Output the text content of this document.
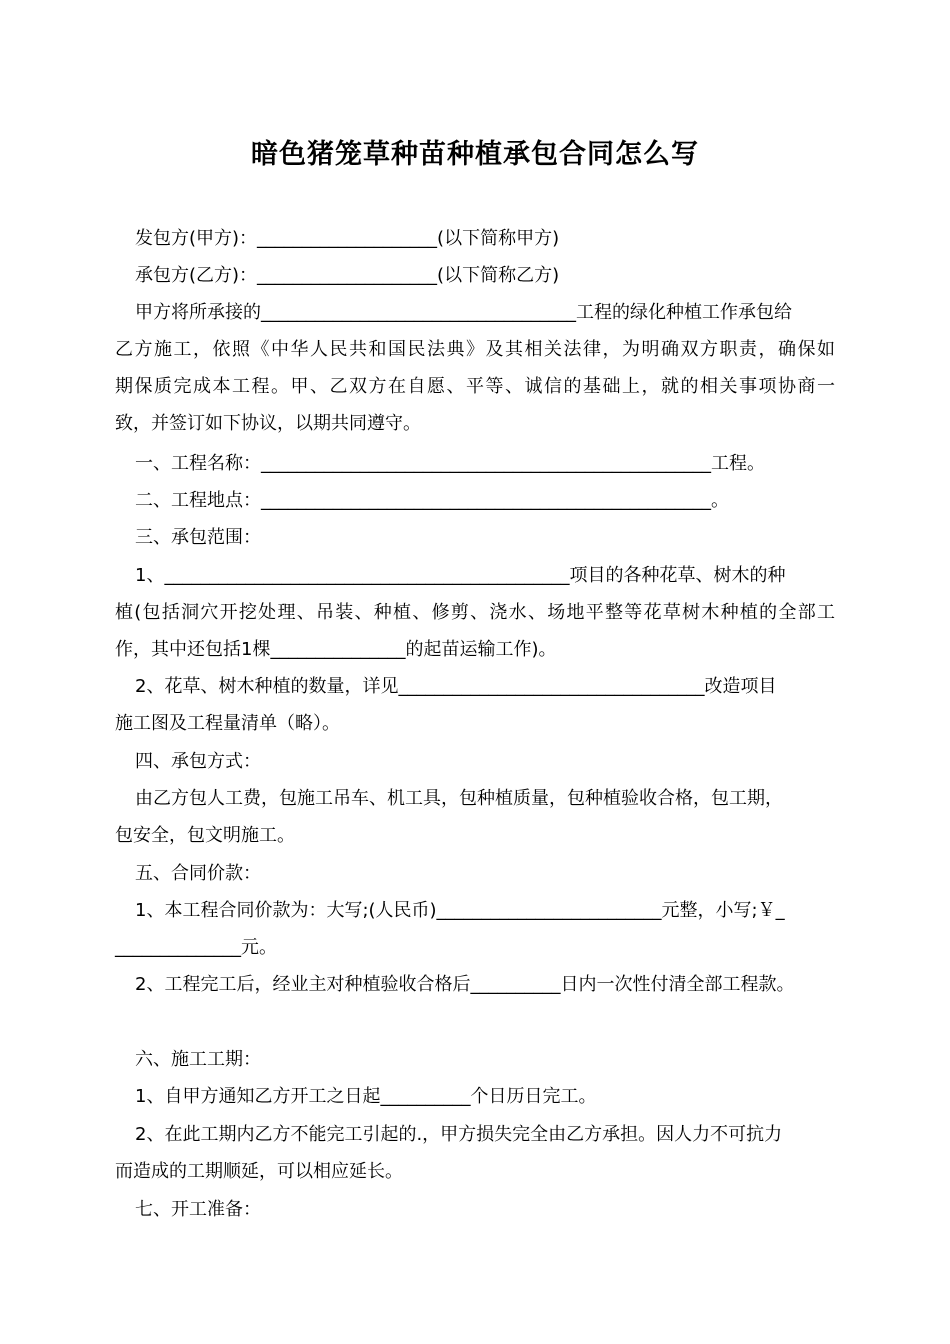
暗色猪笼草种苗种植承包合同怎么写
发包方(甲方)：____________________(以下简称甲方)
承包方(乙方)：____________________(以下简称乙方)
甲方将所承接的___________________________________工程的绿化种植工作承包给
乙方施工，依照《中华人民共和国民法典》及其相关法律，为明确双方职责，确保如
期保质完成本工程。甲、乙双方在自愿、平等、诚信的基础上，就的相关事项协商一
致，并签订如下协议，以期共同遵守。
一、工程名称：__________________________________________________工程。
二、工程地点：__________________________________________________。
三、承包范围：
1、_____________________________________________项目的各种花草、树木的种
植(包括洞穴开挖处理、吊装、种植、修剪、浇水、场地平整等花草树木种植的全部工
作，其中还包括1棵_______________的起苗运输工作)。
2、花草、树木种植的数量，详见__________________________________改造项目
施工图及工程量清单（略）。
四、承包方式：
由乙方包人工费，包施工吊车、机工具，包种植质量，包种植验收合格，包工期，
包安全，包文明施工。
五、合同价款：
1、本工程合同价款为：大写;(人民币)_________________________元整，小写;￥_
______________元。
2、工程完工后，经业主对种植验收合格后__________日内一次性付清全部工程款。
六、施工工期：
1、自甲方通知乙方开工之日起__________个日历日完工。
2、在此工期内乙方不能完工引起的.，甲方损失完全由乙方承担。因人力不可抗力
而造成的工期顺延，可以相应延长。
七、开工准备：
